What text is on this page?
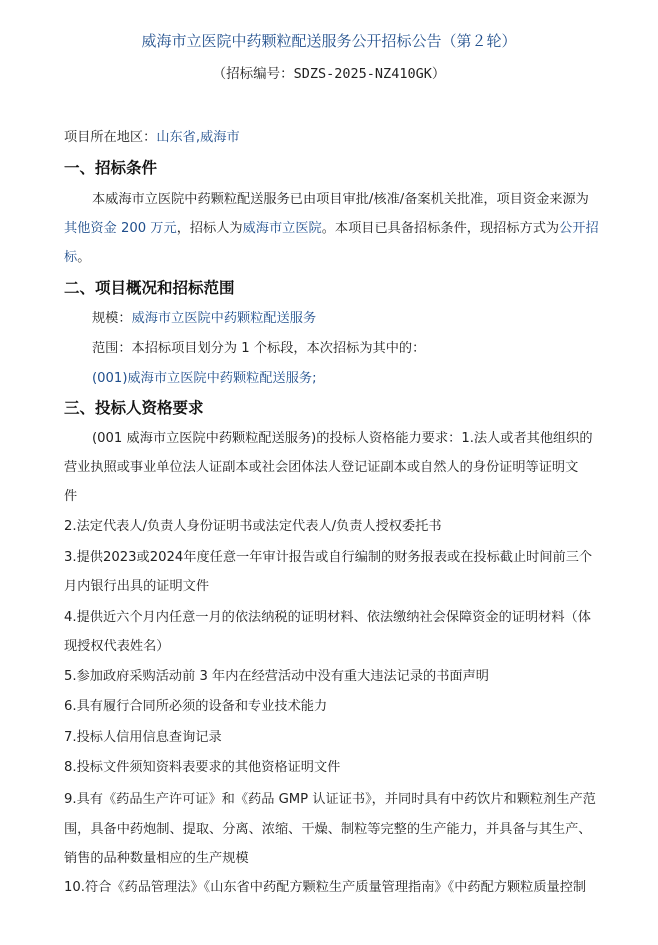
威海市立医院中药颗粒配送服务公开招标公告（第２轮）
（招标编号：SDZS-2025-NZ410GK）
项目所在地区：山东省,威海市
一、招标条件
本威海市立医院中药颗粒配送服务已由项目审批/核准/备案机关批准，项目资金来源为
其他资金 200 万元，招标人为威海市立医院。本项目已具备招标条件，现招标方式为公开招
标。
二、项目概况和招标范围
规模：威海市立医院中药颗粒配送服务
范围：本招标项目划分为 1 个标段，本次招标为其中的：
(001)威海市立医院中药颗粒配送服务;
三、投标人资格要求
(001 威海市立医院中药颗粒配送服务)的投标人资格能力要求：1.法人或者其他组织的
营业执照或事业单位法人证副本或社会团体法人登记证副本或自然人的身份证明等证明文
件
2.法定代表人/负责人身份证明书或法定代表人/负责人授权委托书
3.提供2023或2024年度任意一年审计报告或自行编制的财务报表或在投标截止时间前三个
月内银行出具的证明文件
4.提供近六个月内任意一月的依法纳税的证明材料、依法缴纳社会保障资金的证明材料（体
现授权代表姓名）
5.参加政府采购活动前 3 年内在经营活动中没有重大违法记录的书面声明
6.具有履行合同所必须的设备和专业技术能力
7.投标人信用信息查询记录
8.投标文件须知资料表要求的其他资格证明文件
9.具有《药品生产许可证》和《药品 GMP 认证证书》，并同时具有中药饮片和颗粒剂生产范
围，具备中药炮制、提取、分离、浓缩、干燥、制粒等完整的生产能力，并具备与其生产、
销售的品种数量相应的生产规模
10.符合《药品管理法》《山东省中药配方颗粒生产质量管理指南》《中药配方颗粒质量控制
